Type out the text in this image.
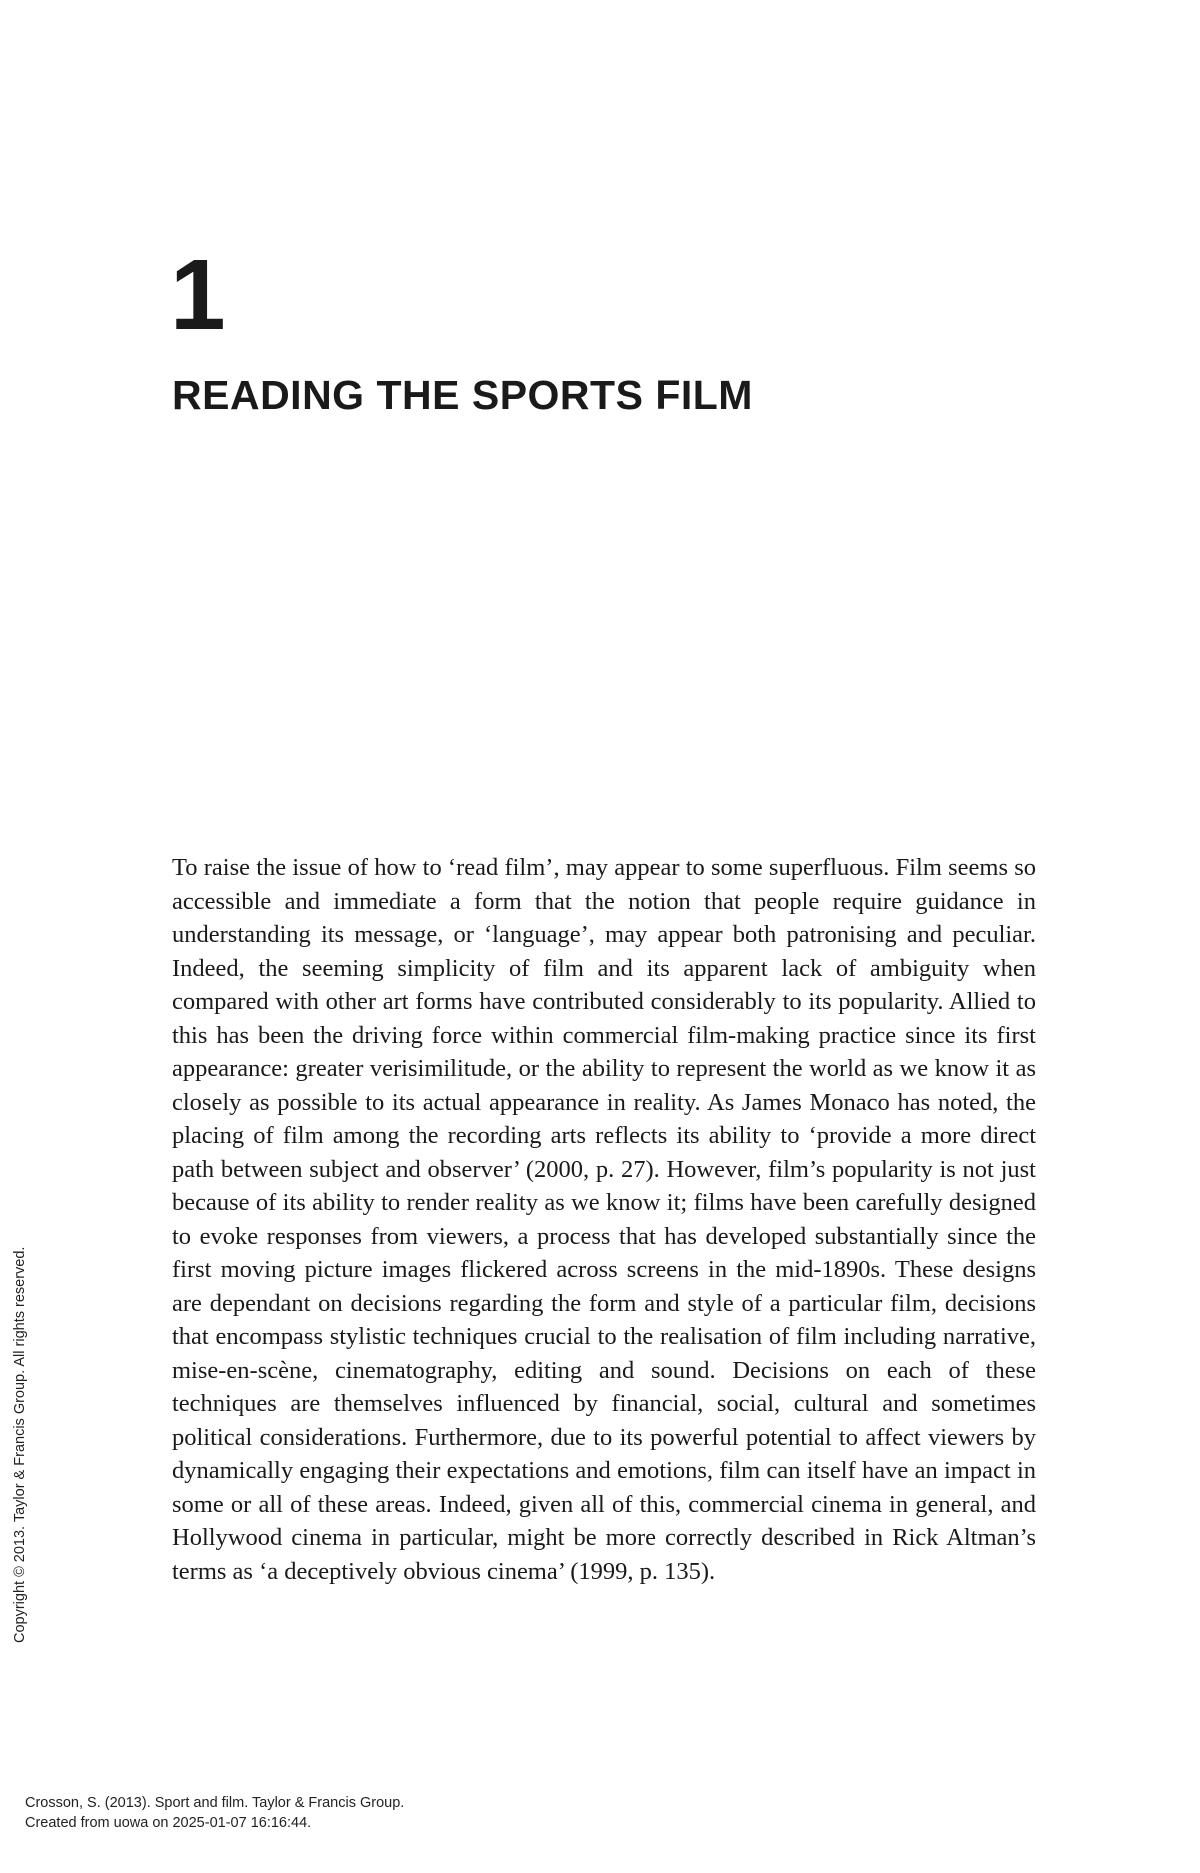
1
READING THE SPORTS FILM

To raise the issue of how to ‘read film’, may appear to some superfluous. Film seems so accessible and immediate a form that the notion that people require guidance in understanding its message, or ‘language’, may appear both patronising and peculiar. Indeed, the seeming simplicity of film and its apparent lack of ambiguity when compared with other art forms have contributed considerably to its popularity. Allied to this has been the driving force within commercial film-making practice since its first appearance: greater verisimilitude, or the ability to represent the world as we know it as closely as possible to its actual appearance in reality. As James Monaco has noted, the placing of film among the recording arts reflects its ability to ‘provide a more direct path between subject and observer’ (2000, p. 27). However, film’s popularity is not just because of its ability to render reality as we know it; films have been carefully designed to evoke responses from viewers, a process that has developed substantially since the first moving picture images flickered across screens in the mid-1890s. These designs are dependant on decisions regarding the form and style of a particular film, decisions that encompass stylistic techniques crucial to the realisation of film including narrative, mise-en-scène, cinematography, editing and sound. Decisions on each of these techniques are themselves influenced by financial, social, cultural and sometimes political considerations. Furthermore, due to its powerful potential to affect viewers by dynamically engaging their expectations and emotions, film can itself have an impact in some or all of these areas. Indeed, given all of this, commercial cinema in general, and Hollywood cinema in particular, might be more correctly described in Rick Altman’s terms as ‘a deceptively obvious cinema’ (1999, p. 135).

Copyright © 2013. Taylor & Francis Group. All rights reserved.
Crosson, S. (2013). Sport and film. Taylor & Francis Group.
Created from uowa on 2025-01-07 16:16:44.
